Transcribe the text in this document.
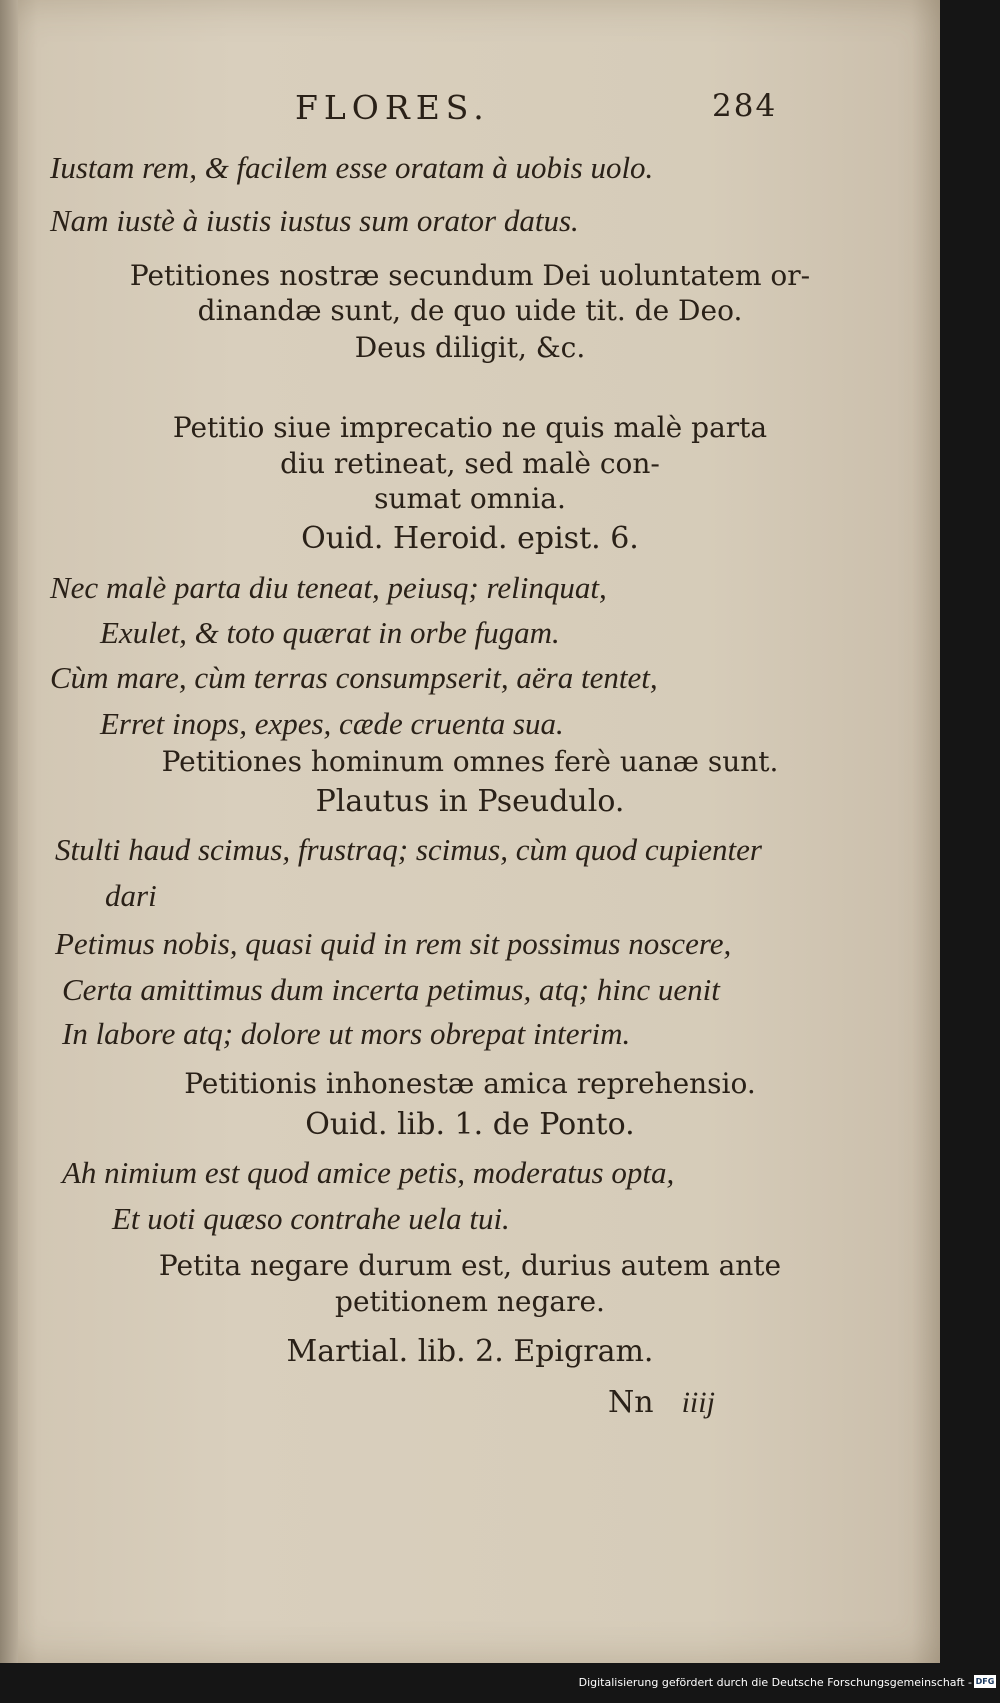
FLORES.	284
Iustam rem, & facilem esse oratam à uobis uolo.
Nam iustè à iustis iustus sum orator datus.
Petitiones nostræ secundum Dei uoluntatem or-
dinandæ sunt, de quo uide tit. de Deo.
Deus diligit, &c.
Petitio siue imprecatio ne quis malè parta
diu retineat, sed malè con-
sumat omnia.
Ouid. Heroid. epist. 6.
Nec malè parta diu teneat, peiusq; relinquat,
Exulet, & toto quærat in orbe fugam.
Cùm mare, cùm terras consumpserit, aëra tentet,
Erret inops, expes, cæde cruenta sua.
Petitiones hominum omnes ferè uanæ sunt.
Plautus in Pseudulo.
Stulti haud scimus, frustraq; scimus, cùm quod cupienter
dari
Petimus nobis, quasi quid in rem sit possimus noscere,
Certa amittimus dum incerta petimus, atq; hinc uenit
In labore atq; dolore ut mors obrepat interim.
Petitionis inhonestæ amica reprehensio.
Ouid. lib. 1. de Ponto.
Ah nimium est quod amice petis, moderatus opta,
Et uoti quæso contrahe uela tui.
Petita negare durum est, durius autem ante
petitionem negare.
Martial. lib. 2. Epigram.
Nn iiij
Digitalisierung gefördert durch die Deutsche Forschungsgemeinschaft - DFG
